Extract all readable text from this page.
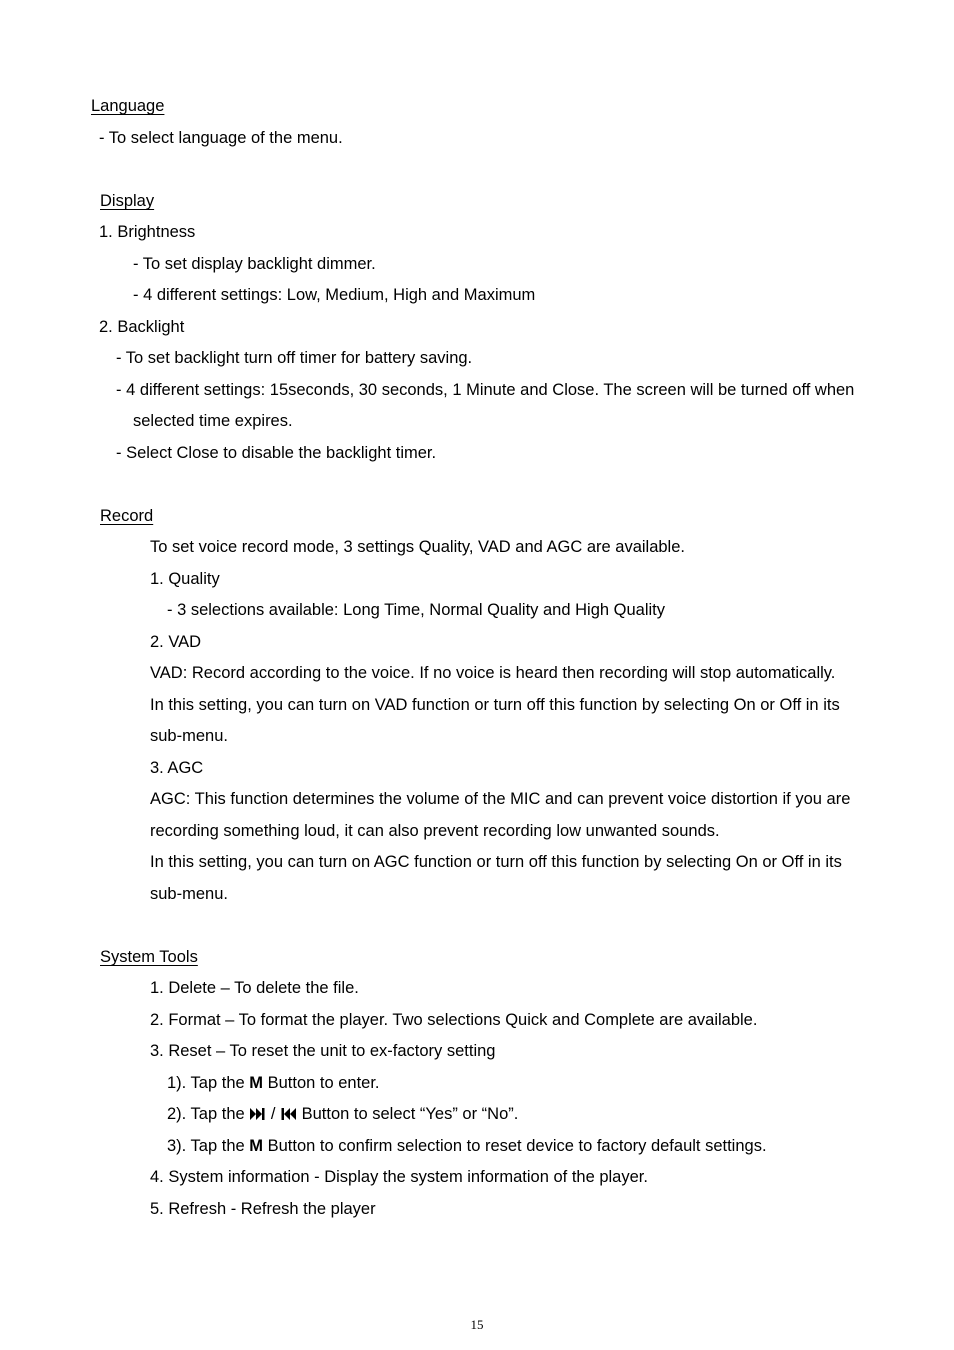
Language
- To select language of the menu.
Display
1. Brightness
- To set display backlight dimmer.
- 4 different settings: Low, Medium, High and Maximum
2. Backlight
- To set backlight turn off timer for battery saving.
- 4 different settings: 15seconds, 30 seconds, 1 Minute and Close. The screen will be turned off when
selected time expires.
- Select Close to disable the backlight timer.
Record
To set voice record mode, 3 settings Quality, VAD and AGC are available.
1. Quality
- 3 selections available: Long Time, Normal Quality and High Quality
2. VAD
VAD: Record according to the voice. If no voice is heard then recording will stop automatically.
In this setting, you can turn on VAD function or turn off this function by selecting On or Off in its
sub-menu.
3. AGC
AGC: This function determines the volume of the MIC and can prevent voice distortion if you are
recording something loud, it can also prevent recording low unwanted sounds.
In this setting, you can turn on AGC function or turn off this function by selecting On or Off in its
sub-menu.
System Tools
1. Delete – To delete the file.
2. Format – To format the player. Two selections Quick and Complete are available.
3. Reset – To reset the unit to ex-factory setting
1). Tap the M Button to enter.
2). Tap the  /  Button to select “Yes” or “No”.
3). Tap the M Button to confirm selection to reset device to factory default settings.
4. System information - Display the system information of the player.
5. Refresh - Refresh the player
15
